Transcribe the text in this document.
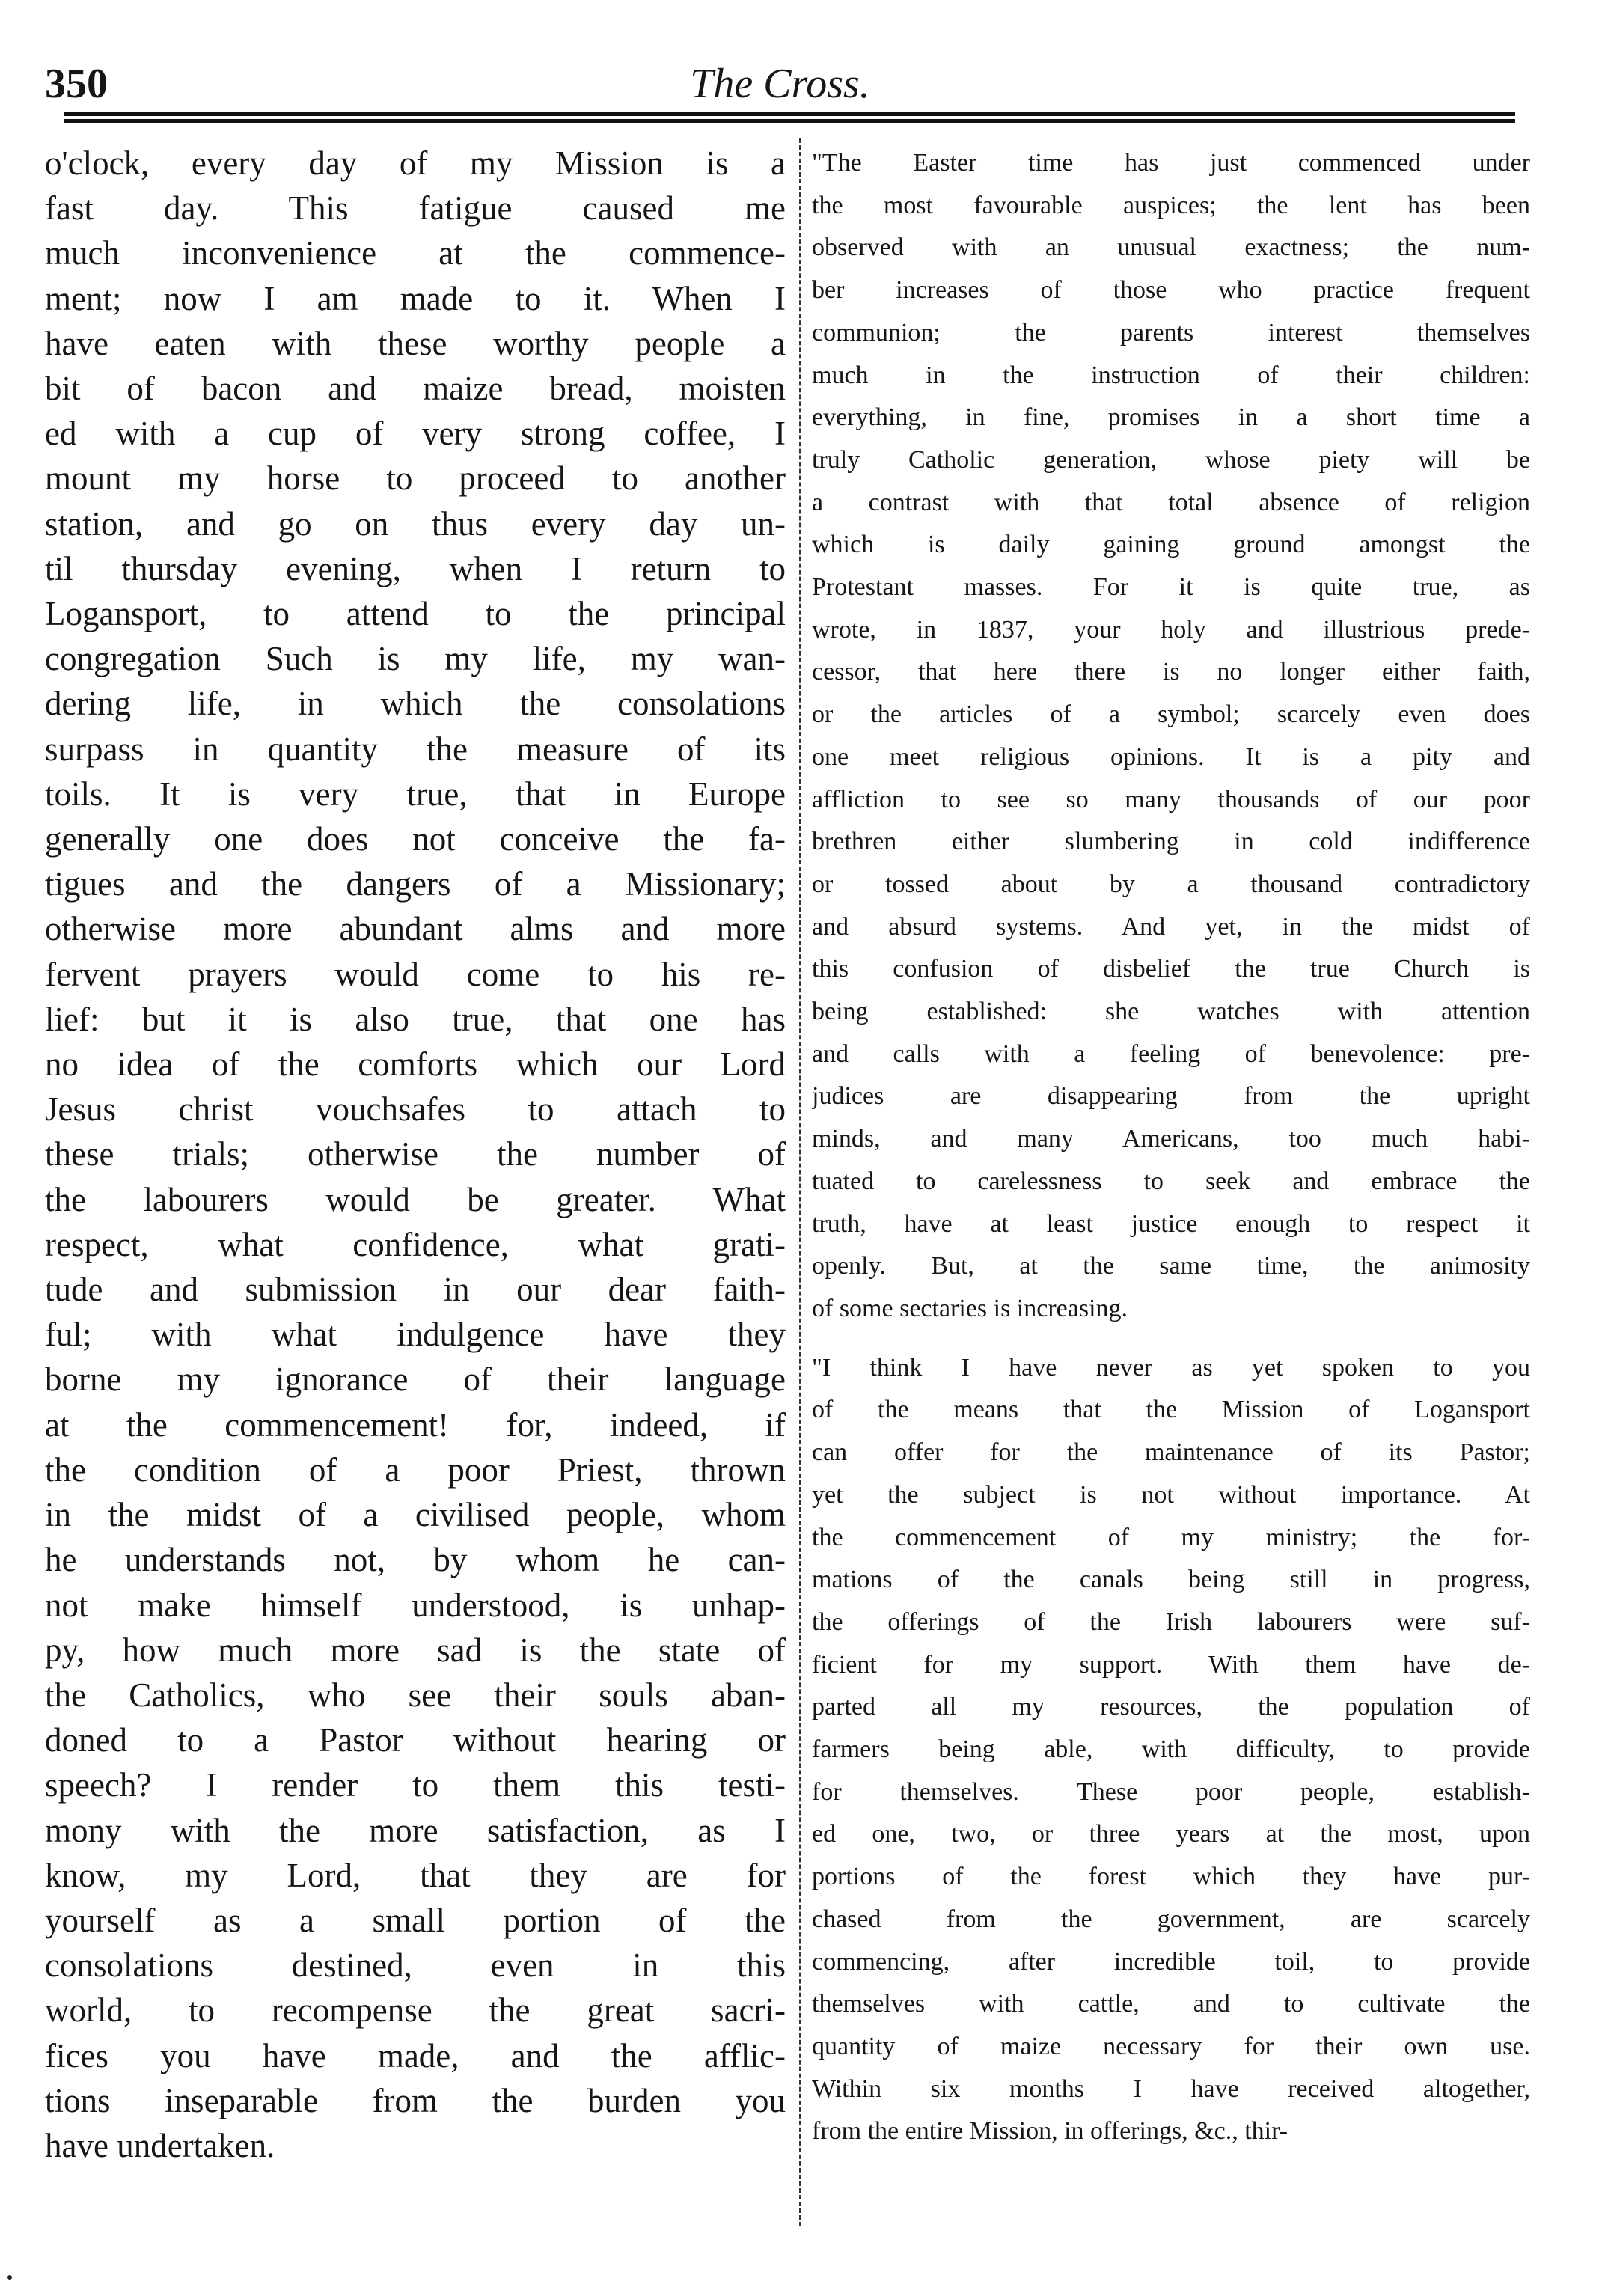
350	The Cross.
o'clock, every day of my Mission is a
fast day. This fatigue caused me
much inconvenience at the commence-
ment; now I am made to it. When I
have eaten with these worthy people a
bit of bacon and maize bread, moisten
ed with a cup of very strong coffee, I
mount my horse to proceed to another
station, and go on thus every day un-
til thursday evening, when I return to
Logansport, to attend to the principal
congregation Such is my life, my wan-
dering life, in which the consolations
surpass in quantity the measure of its
toils. It is very true, that in Europe
generally one does not conceive the fa-
tigues and the dangers of a Missionary;
otherwise more abundant alms and more
fervent prayers would come to his re-
lief: but it is also true, that one has
no idea of the comforts which our Lord
Jesus christ vouchsafes to attach to
these trials; otherwise the number of
the labourers would be greater. What
respect, what confidence, what grati-
tude and submission in our dear faith-
ful; with what indulgence have they
borne my ignorance of their language
at the commencement! for, indeed, if
the condition of a poor Priest, thrown
in the midst of a civilised people, whom
he understands not, by whom he can-
not make himself understood, is unhap-
py, how much more sad is the state of
the Catholics, who see their souls aban-
doned to a Pastor without hearing or
speech? I render to them this testi-
mony with the more satisfaction, as I
know, my Lord, that they are for
yourself as a small portion of the
consolations destined, even in this
world, to recompense the great sacri-
fices you have made, and the afflic-
tions inseparable from the burden you
have undertaken.
"The Easter time has just commenced under
the most favourable auspices; the lent has been
observed with an unusual exactness; the num-
ber increases of those who practice frequent
communion; the parents interest themselves
much in the instruction of their children:
everything, in fine, promises in a short time a
truly Catholic generation, whose piety will be
a contrast with that total absence of religion
which is daily gaining ground amongst the
Protestant masses. For it is quite true, as
wrote, in 1837, your holy and illustrious prede-
cessor, that here there is no longer either faith,
or the articles of a symbol; scarcely even does
one meet religious opinions. It is a pity and
affliction to see so many thousands of our poor
brethren either slumbering in cold indifference
or tossed about by a thousand contradictory
and absurd systems. And yet, in the midst of
this confusion of disbelief the true Church is
being established: she watches with attention
and calls with a feeling of benevolence: pre-
judices are disappearing from the upright
minds, and many Americans, too much habi-
tuated to carelessness to seek and embrace the
truth, have at least justice enough to respect it
openly. But, at the same time, the animosity
of some sectaries is increasing.
"I think I have never as yet spoken to you
of the means that the Mission of Logansport
can offer for the maintenance of its Pastor;
yet the subject is not without importance. At
the commencement of my ministry; the for-
mations of the canals being still in progress,
the offerings of the Irish labourers were suf-
ficient for my support. With them have de-
parted all my resources, the population of
farmers being able, with difficulty, to provide
for themselves. These poor people, establish-
ed one, two, or three years at the most, upon
portions of the forest which they have pur-
chased from the government, are scarcely
commencing, after incredible toil, to provide
themselves with cattle, and to cultivate the
quantity of maize necessary for their own use.
Within six months I have received altogether,
from the entire Mission, in offerings, &c., thir-
